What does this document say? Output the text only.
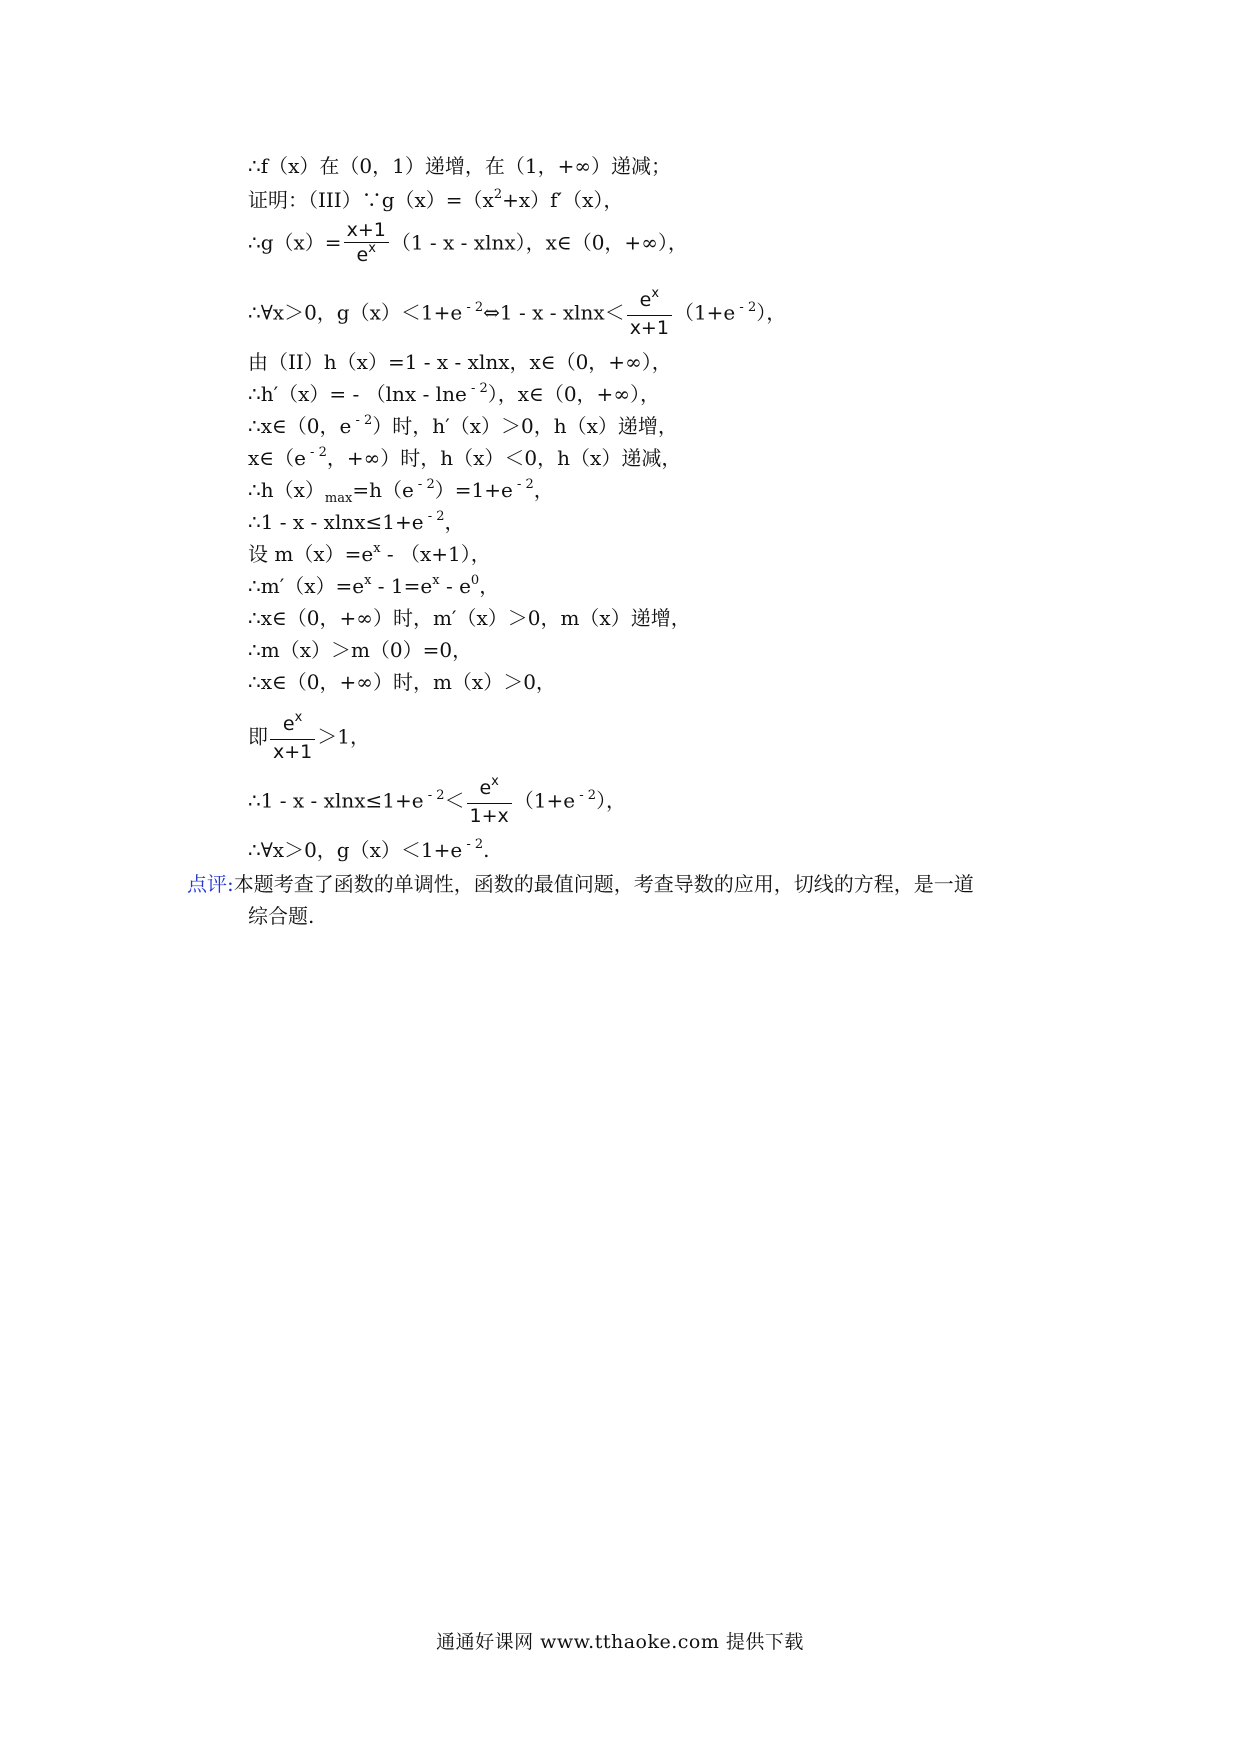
∴f（x）在（0，1）递增，在（1，+∞）递减；
证明：$(III)\because g(x)=(x^2+x)f'(x)$，
∴g（x）= $\frac{x+1}{e^x} (1$ - x - xlnx），x∈（0，+∞），
∴∀x＞0，g（x）＜1+e $^{- 2}$⇔1 - $x - xlnx< \frac{e^x}{x+1} (1+e$ $^{- 2}$），
由（II）h（x）=1 - x - xlnx，x∈（0，+∞），
∴h′（x）= - （lnx - lne $^{- 2}$），x∈（0，+∞），
∴x∈（0，e $^{- 2}$）时，h′（x）＞0，h（x）递增，
x∈（e $^{- 2}$，+∞）时，h（x）＜0，h（x）递减，
$\therefore h(x)_{max}=h(e$ $^{- 2}$）=1+e $^{- 2}$，
∴1 - x - xlnx≤1+e $^{- 2}$，
设 $m(x)=e^x - (x+1)$，
$\therefore m'(x)=e^x - 1=e^x - e^0$，
∴x∈（0，+∞）时，m′（x）＞0，m（x）递增，
∴m（x）＞m（0）=0，
∴x∈（0，+∞）时，m（x）＞0，
即 $\frac{e^x}{x+1} >1$，
∴1 - x - xlnx≤1+e $^{- 2}< \frac{e^x}{1+x} (1+e$ $^{- 2}$），
∴∀x＞0，g（x）＜1+e $^{- 2}$.
点评:本题考查了函数的单调性，函数的最值问题，考查导数的应用，切线的方程，是一道
综合题.
通通好课网 www.tthaoke.com 提供下载
